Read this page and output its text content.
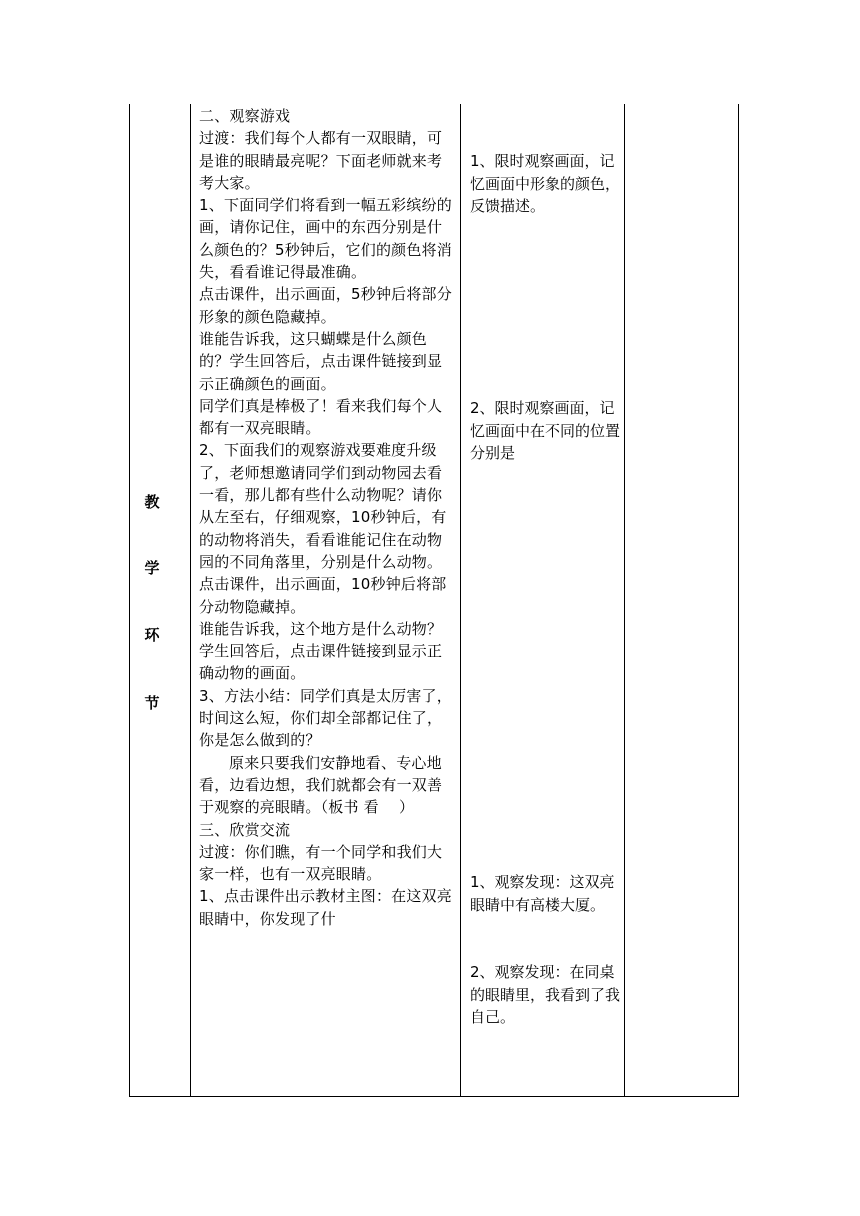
教
学
环
节

二、观察游戏

过渡：我们每个人都有一双眼睛，可是谁的眼睛最亮呢？下面老师就来考考大家。

1、下面同学们将看到一幅五彩缤纷的画，请你记住，画中的东西分别是什么颜色的？5秒钟后，它们的颜色将消失，看看谁记得最准确。

点击课件，出示画面，5秒钟后将部分形象的颜色隐藏掉。

谁能告诉我，这只蝴蝶是什么颜色的？学生回答后，点击课件链接到显示正确颜色的画面。

同学们真是棒极了！看来我们每个人都有一双亮眼睛。

2、下面我们的观察游戏要难度升级了，老师想邀请同学们到动物园去看一看，那儿都有些什么动物呢？请你从左至右，仔细观察，10秒钟后，有的动物将消失，看看谁能记住在动物园的不同角落里，分别是什么动物。

点击课件，出示画面，10秒钟后将部分动物隐藏掉。

谁能告诉我，这个地方是什么动物？学生回答后，点击课件链接到显示正确动物的画面。

3、方法小结：同学们真是太厉害了，时间这么短，你们却全部都记住了，你是怎么做到的？

原来只要我们安静地看、专心地看，边看边想，我们就都会有一双善于观察的亮眼睛。（板书 看　 ）

三、欣赏交流

过渡：你们瞧，有一个同学和我们大家一样，也有一双亮眼睛。

1、点击课件出示教材主图：在这双亮眼睛中，你发现了什

1、限时观察画面，记忆画面中形象的颜色，反馈描述。

2、限时观察画面，记忆画面中在不同的位置分别是

1、观察发现：这双亮眼睛中有高楼大厦。

2、观察发现：在同桌的眼睛里，我看到了我自己。
